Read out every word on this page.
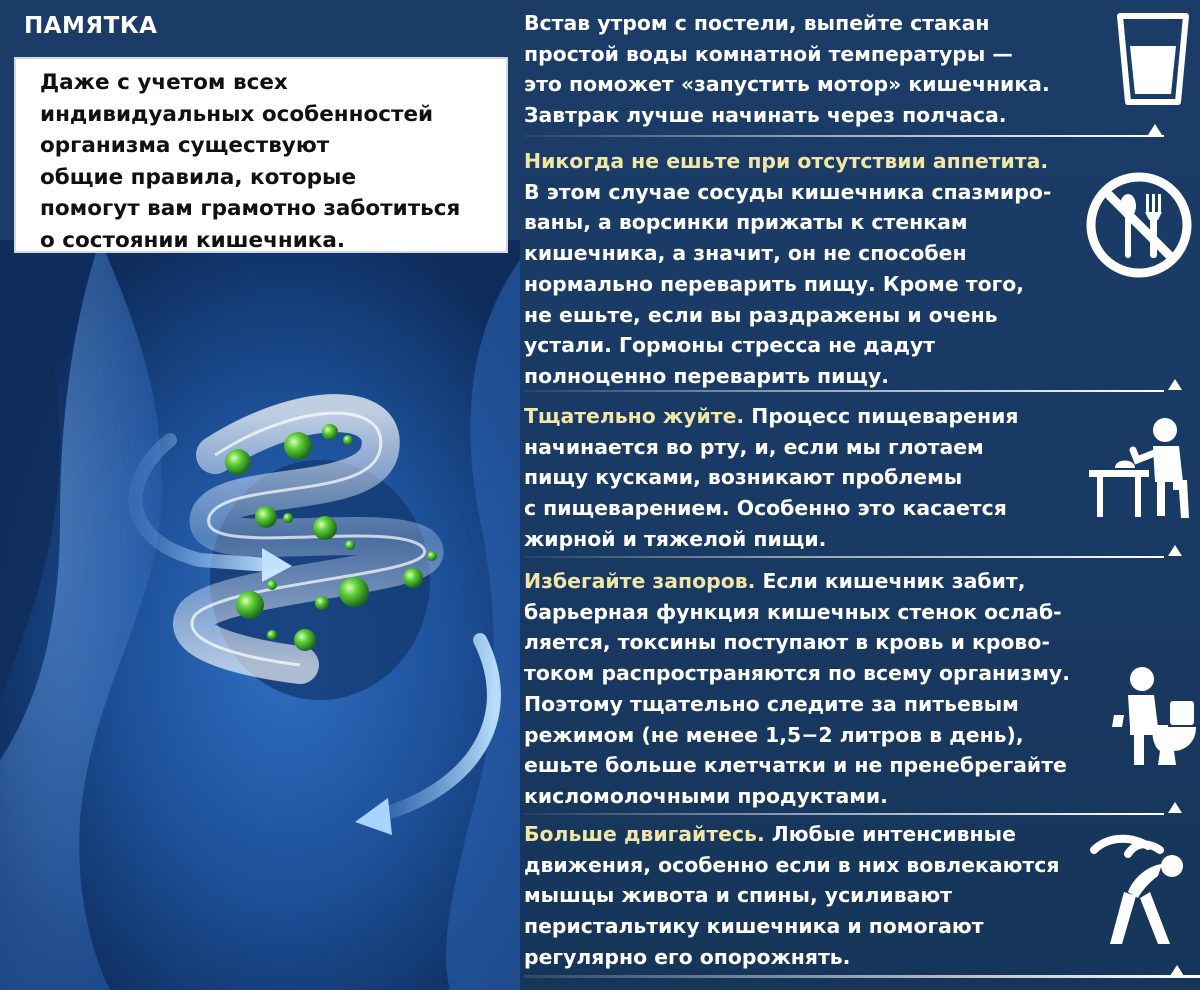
ПАМЯТКА
Даже с учетом всех
индивидуальных особенностей
организма существуют
общие правила, которые
помогут вам грамотно заботиться
о состоянии кишечника.
Встав утром с постели, выпейте стакан
простой воды комнатной температуры —
это поможет «запустить мотор» кишечника.
Завтрак лучше начинать через полчаса.
Никогда не ешьте при отсутствии аппетита.
В этом случае сосуды кишечника спазмиро-
ваны, а ворсинки прижаты к стенкам
кишечника, а значит, он не способен
нормально переварить пищу. Кроме того,
не ешьте, если вы раздражены и очень
устали. Гормоны стресса не дадут
полноценно переварить пищу.
Тщательно жуйте. Процесс пищеварения
начинается во рту, и, если мы глотаем
пищу кусками, возникают проблемы
с пищеварением. Особенно это касается
жирной и тяжелой пищи.
Избегайте запоров. Если кишечник забит,
барьерная функция кишечных стенок ослаб-
ляется, токсины поступают в кровь и крово-
током распространяются по всему организму.
Поэтому тщательно следите за питьевым
режимом (не менее 1,5−2 литров в день),
ешьте больше клетчатки и не пренебрегайте
кисломолочными продуктами.
Больше двигайтесь. Любые интенсивные
движения, особенно если в них вовлекаются
мышцы живота и спины, усиливают
перистальтику кишечника и помогают
регулярно его опорожнять.
